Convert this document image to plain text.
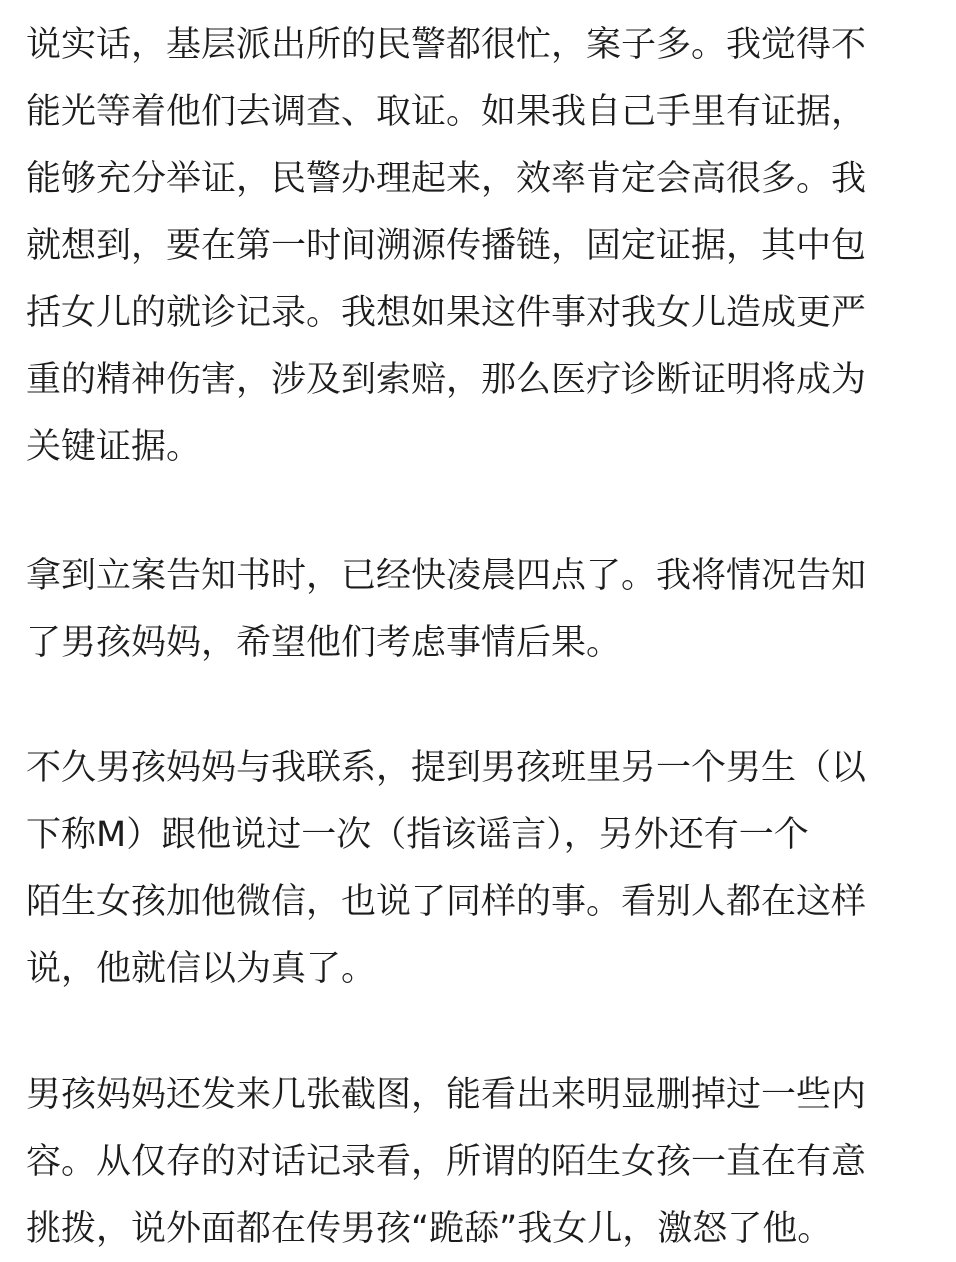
说实话，基层派出所的民警都很忙，案子多。我觉得不
能光等着他们去调查、取证。如果我自己手里有证据，
能够充分举证，民警办理起来，效率肯定会高很多。我
就想到，要在第一时间溯源传播链，固定证据，其中包
括女儿的就诊记录。我想如果这件事对我女儿造成更严
重的精神伤害，涉及到索赔，那么医疗诊断证明将成为
关键证据。
拿到立案告知书时，已经快凌晨四点了。我将情况告知
了男孩妈妈，希望他们考虑事情后果。
不久男孩妈妈与我联系，提到男孩班里另一个男生（以
下称M）跟他说过一次（指该谣言），另外还有一个
陌生女孩加他微信，也说了同样的事。看别人都在这样
说，他就信以为真了。
男孩妈妈还发来几张截图，能看出来明显删掉过一些内
容。从仅存的对话记录看，所谓的陌生女孩一直在有意
挑拨，说外面都在传男孩“跪舔”我女儿，激怒了他。
